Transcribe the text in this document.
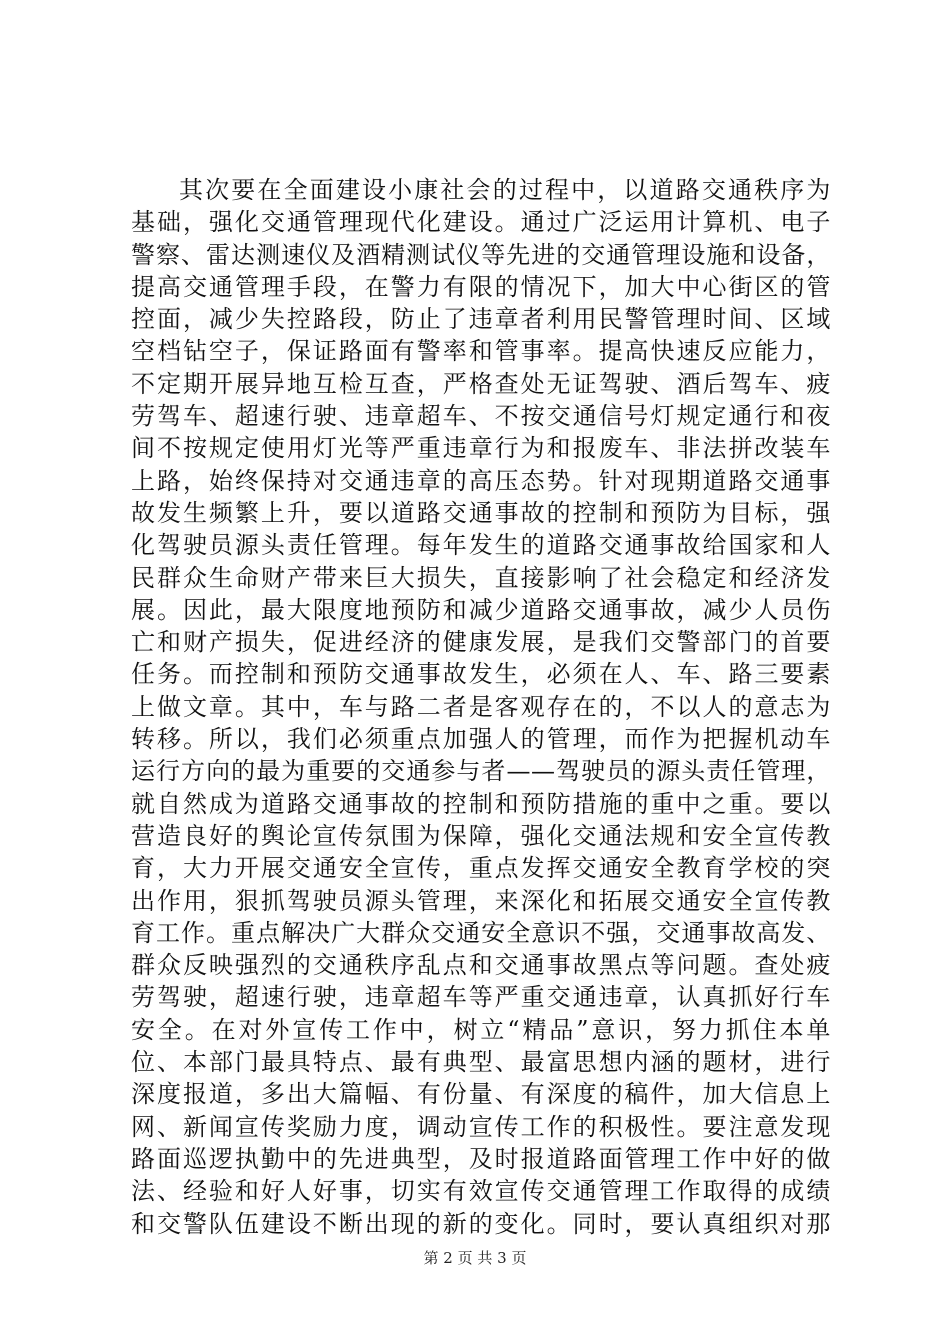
其次要在全面建设小康社会的过程中，以道路交通秩序为
基础，强化交通管理现代化建设。通过广泛运用计算机、电子
警察、雷达测速仪及酒精测试仪等先进的交通管理设施和设备，
提高交通管理手段，在警力有限的情况下，加大中心街区的管
控面，减少失控路段，防止了违章者利用民警管理时间、区域
空档钻空子，保证路面有警率和管事率。提高快速反应能力，
不定期开展异地互检互查，严格查处无证驾驶、酒后驾车、疲
劳驾车、超速行驶、违章超车、不按交通信号灯规定通行和夜
间不按规定使用灯光等严重违章行为和报废车、非法拼改装车
上路，始终保持对交通违章的高压态势。针对现期道路交通事
故发生频繁上升，要以道路交通事故的控制和预防为目标，强
化驾驶员源头责任管理。每年发生的道路交通事故给国家和人
民群众生命财产带来巨大损失，直接影响了社会稳定和经济发
展。因此，最大限度地预防和减少道路交通事故，减少人员伤
亡和财产损失，促进经济的健康发展，是我们交警部门的首要
任务。而控制和预防交通事故发生，必须在人、车、路三要素
上做文章。其中，车与路二者是客观存在的，不以人的意志为
转移。所以，我们必须重点加强人的管理，而作为把握机动车
运行方向的最为重要的交通参与者——驾驶员的源头责任管理，
就自然成为道路交通事故的控制和预防措施的重中之重。要以
营造良好的舆论宣传氛围为保障，强化交通法规和安全宣传教
育，大力开展交通安全宣传，重点发挥交通安全教育学校的突
出作用，狠抓驾驶员源头管理，来深化和拓展交通安全宣传教
育工作。重点解决广大群众交通安全意识不强，交通事故高发、
群众反映强烈的交通秩序乱点和交通事故黑点等问题。查处疲
劳驾驶，超速行驶，违章超车等严重交通违章，认真抓好行车
安全。在对外宣传工作中，树立“精品”意识，努力抓住本单
位、本部门最具特点、最有典型、最富思想内涵的题材，进行
深度报道，多出大篇幅、有份量、有深度的稿件，加大信息上
网、新闻宣传奖励力度，调动宣传工作的积极性。要注意发现
路面巡逻执勤中的先进典型，及时报道路面管理工作中好的做
法、经验和好人好事，切实有效宣传交通管理工作取得的成绩
和交警队伍建设不断出现的新的变化。同时，要认真组织对那
第 2 页 共 3 页
